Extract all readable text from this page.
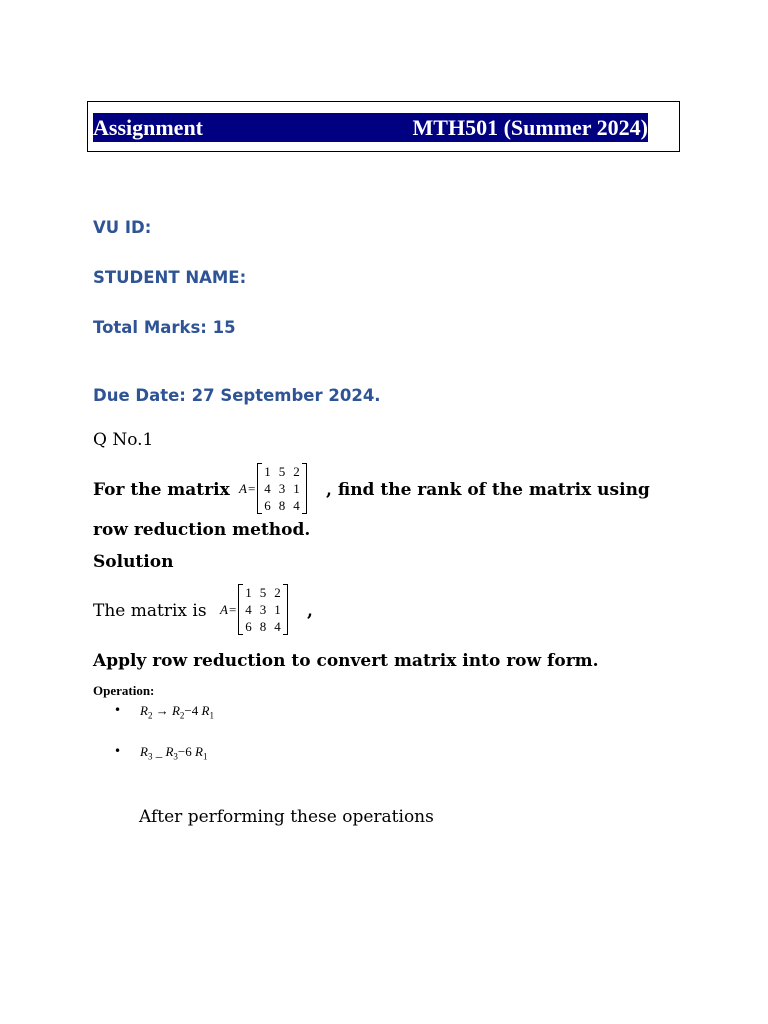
Assignment	MTH501 (Summer 2024)
VU ID:
STUDENT NAME:
Total Marks: 15
Due Date: 27 September 2024.
Q No.1
For the matrix A =
1	5	2
4	3	1
6	8	4
, find the rank of the matrix using
row reduction method.
Solution
The matrix is A =
1	5	2
4	3	1
6	8	4
,
Apply row reduction to convert matrix into row form.
Operation:
• $R_2 \to R_2-4$ $R_1$
• $R_3$ _ $R_3-6$ $R_1$
After performing these operations
